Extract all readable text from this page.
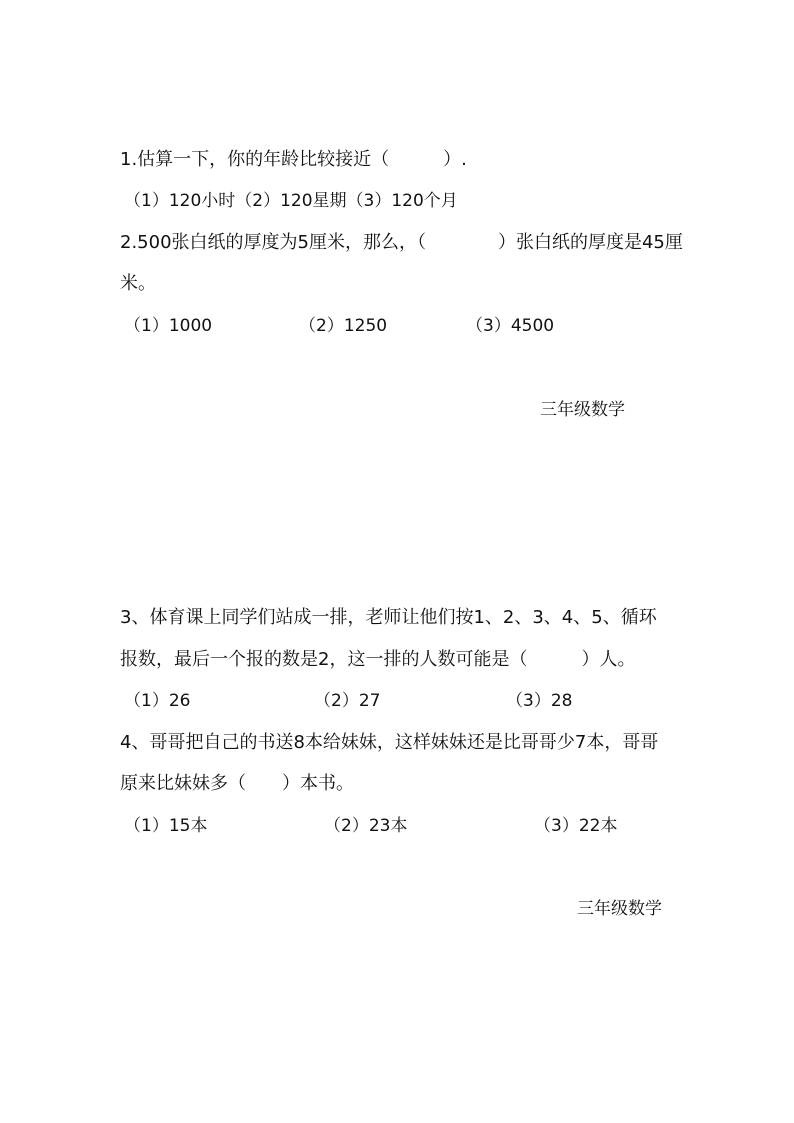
1.估算一下，你的年龄比较接近（　　　）.
（1）120小时（2）120星期（3）120个月
2.500张白纸的厚度为5厘米，那么，（　　　　）张白纸的厚度是45厘
米。
（1）1000	（2）1250	（3）4500
三年级数学
3、体育课上同学们站成一排，老师让他们按1、2、3、4、5、循环
报数，最后一个报的数是2，这一排的人数可能是（　　　）人。
（1）26	（2）27	（3）28
4、哥哥把自己的书送8本给妹妹，这样妹妹还是比哥哥少7本，哥哥
原来比妹妹多（　　）本书。
（1）15本	（2）23本	（3）22本
三年级数学
